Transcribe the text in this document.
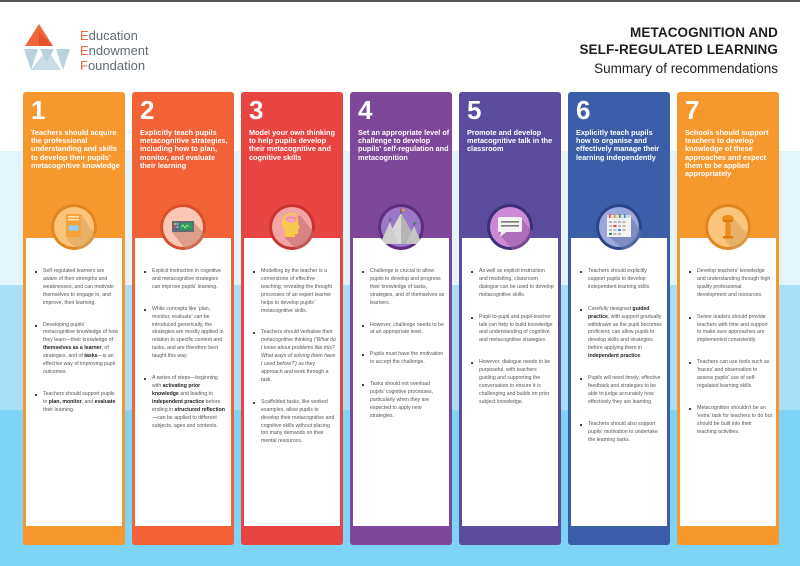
Education
Endowment
Foundation
METACOGNITION AND
SELF-REGULATED LEARNING
Summary of recommendations
1
Teachers should acquire the professional understanding and skills to develop their pupils' metacognitive knowledge
Self-regulated learners are aware of their strengths and weaknesses, and can motivate themselves to engage in, and improve, their learning.
Developing pupils' metacognitive knowledge of how they learn—their knowledge of themselves as a learner, of strategies, and of tasks—is an effective way of improving pupil outcomes.
Teachers should support pupils to plan, monitor, and evaluate their learning.
2
Explicitly teach pupils metacognitive strategies, including how to plan, monitor, and evaluate their learning
Explicit instruction in cognitive and metacognitive strategies can improve pupils' learning.
While concepts like 'plan, monitor, evaluate' can be introduced generically, the strategies are mostly applied in relation to specific content and tasks, and are therefore best taught this way.
A series of steps—beginning with activating prior knowledge and leading to independent practice before ending in structured reflection—can be applied to different subjects, ages and contents.
3
Model your own thinking to help pupils develop their metacognitive and cognitive skills
Modelling by the teacher is a cornerstone of effective teaching; revealing the thought processes of an expert learner helps to develop pupils' metacognitive skills.
Teachers should verbalise their metacognitive thinking ('What do I know about problems like this? What ways of solving them have I used before?') as they approach and work through a task.
Scaffolded tasks, like worked examples, allow pupils to develop their metacognitive and cognitive skills without placing too many demands on their mental resources.
4
Set an appropriate level of challenge to develop pupils' self-regulation and metacognition
Challenge is crucial to allow pupils to develop and progress their knowledge of tasks, strategies, and of themselves as learners.
However, challenge needs to be at an appropriate level.
Pupils must have the motivation to accept the challenge.
Tasks should not overload pupils' cognitive processes, particularly when they are expected to apply new strategies.
5
Promote and develop metacognitive talk in the classroom
As well as explicit instruction and modelling, classroom dialogue can be used to develop metacognitive skills.
Pupil-to-pupil and pupil-teacher talk can help to build knowledge and understanding of cognitive and metacognitive strategies.
However, dialogue needs to be purposeful, with teachers guiding and supporting the conversation to ensure it is challenging and builds on prior subject knowledge.
6
Explicitly teach pupils how to organise and effectively manage their learning independently
Teachers should explicitly support pupils to develop independent learning skills.
Carefully designed guided practice, with support gradually withdrawn as the pupil becomes proficient, can allow pupils to develop skills and strategies before applying them in independent practice.
Pupils will need timely, effective feedback and strategies to be able to judge accurately how effectively they are learning.
Teachers should also support pupils' motivation to undertake the learning tasks.
7
Schools should support teachers to develop knowledge of these approaches and expect them to be applied appropriately
Develop teachers' knowledge and understanding through high quality professional development and resources.
Senior leaders should provide teachers with time and support to make sure approaches are implemented consistently.
Teachers can use tools such as 'traces' and observation to assess pupils' use of self-regulated learning skills.
Metacognition shouldn't be an 'extra' task for teachers to do but should be built into their teaching activities.
